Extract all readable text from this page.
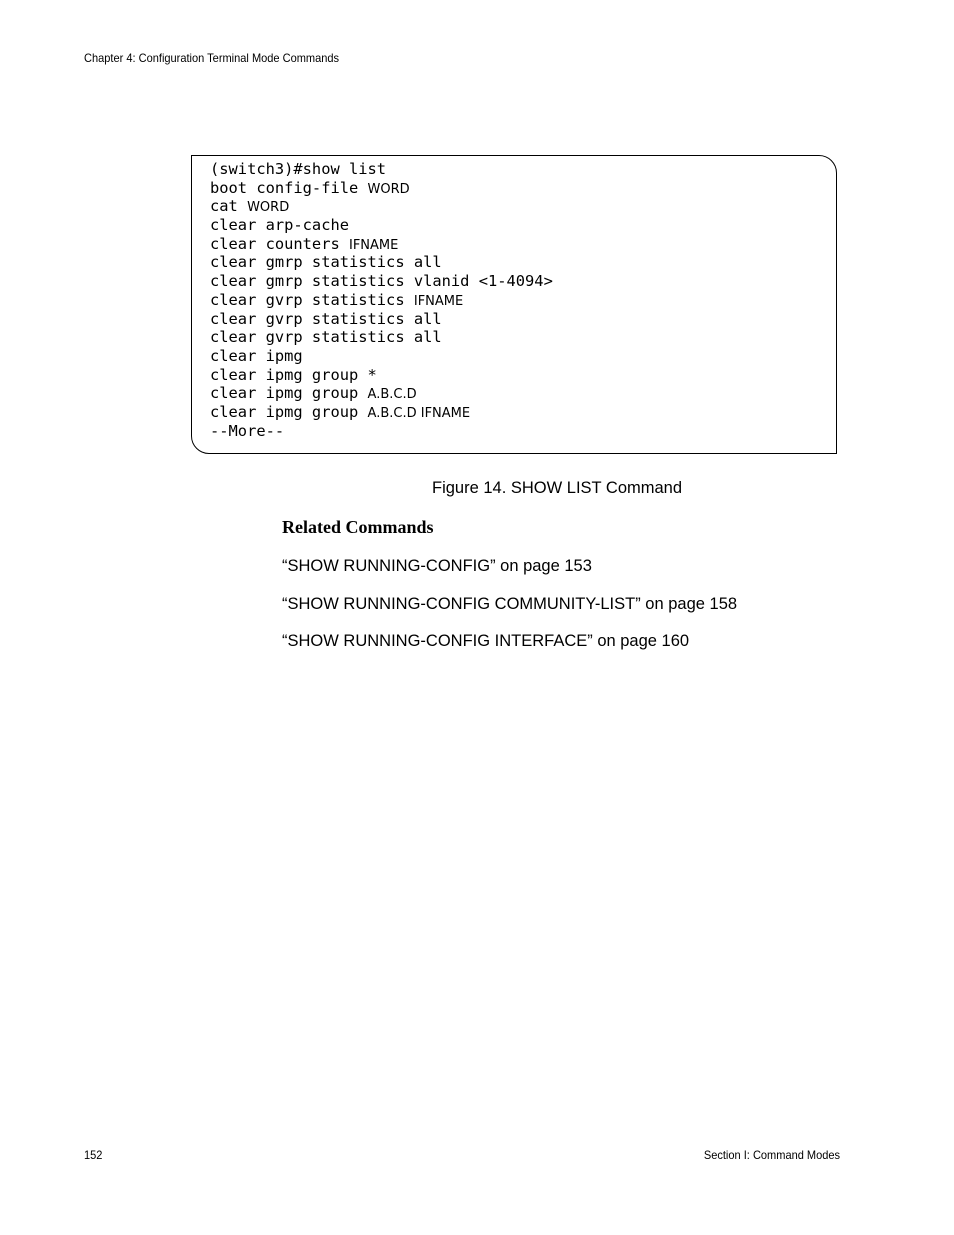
Chapter 4: Configuration Terminal Mode Commands
(switch3)#show list
boot config-file WORD
cat WORD
clear arp-cache
clear counters IFNAME
clear gmrp statistics all
clear gmrp statistics vlanid <1-4094>
clear gvrp statistics IFNAME
clear gvrp statistics all
clear gvrp statistics all
clear ipmg
clear ipmg group *
clear ipmg group A.B.C.D
clear ipmg group A.B.C.D IFNAME
--More--
Figure 14. SHOW LIST Command
Related Commands
“SHOW RUNNING-CONFIG” on page 153
“SHOW RUNNING-CONFIG COMMUNITY-LIST” on page 158
“SHOW RUNNING-CONFIG INTERFACE” on page 160
152	Section I: Command Modes
